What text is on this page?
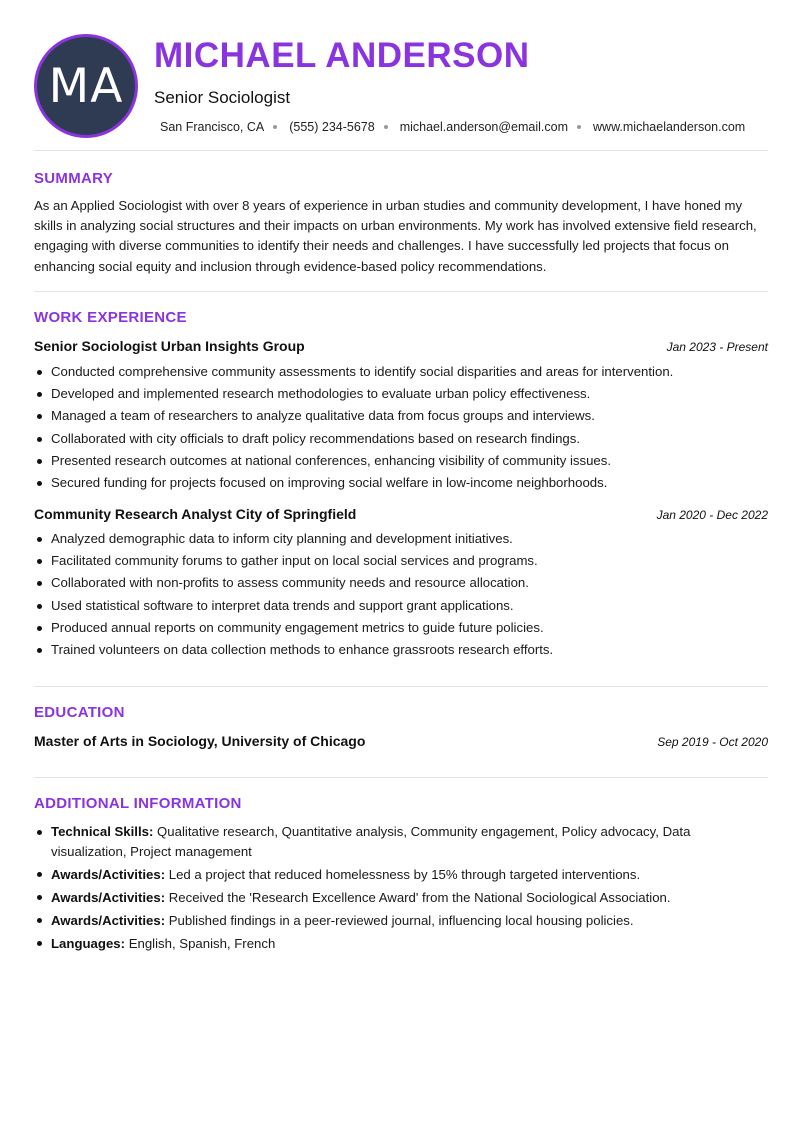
MA
MICHAEL ANDERSON
Senior Sociologist
San Francisco, CA (555) 234-5678 michael.anderson@email.com www.michaelanderson.com
SUMMARY
As an Applied Sociologist with over 8 years of experience in urban studies and community development, I have honed my skills in analyzing social structures and their impacts on urban environments. My work has involved extensive field research, engaging with diverse communities to identify their needs and challenges. I have successfully led projects that focus on enhancing social equity and inclusion through evidence-based policy recommendations.
WORK EXPERIENCE
Senior Sociologist Urban Insights Group	Jan 2023 - Present
Conducted comprehensive community assessments to identify social disparities and areas for intervention.
Developed and implemented research methodologies to evaluate urban policy effectiveness.
Managed a team of researchers to analyze qualitative data from focus groups and interviews.
Collaborated with city officials to draft policy recommendations based on research findings.
Presented research outcomes at national conferences, enhancing visibility of community issues.
Secured funding for projects focused on improving social welfare in low-income neighborhoods.
Community Research Analyst City of Springfield	Jan 2020 - Dec 2022
Analyzed demographic data to inform city planning and development initiatives.
Facilitated community forums to gather input on local social services and programs.
Collaborated with non-profits to assess community needs and resource allocation.
Used statistical software to interpret data trends and support grant applications.
Produced annual reports on community engagement metrics to guide future policies.
Trained volunteers on data collection methods to enhance grassroots research efforts.
EDUCATION
Master of Arts in Sociology, University of Chicago	Sep 2019 - Oct 2020
ADDITIONAL INFORMATION
Technical Skills: Qualitative research, Quantitative analysis, Community engagement, Policy advocacy, Data visualization, Project management
Awards/Activities: Led a project that reduced homelessness by 15% through targeted interventions.
Awards/Activities: Received the 'Research Excellence Award' from the National Sociological Association.
Awards/Activities: Published findings in a peer-reviewed journal, influencing local housing policies.
Languages: English, Spanish, French
